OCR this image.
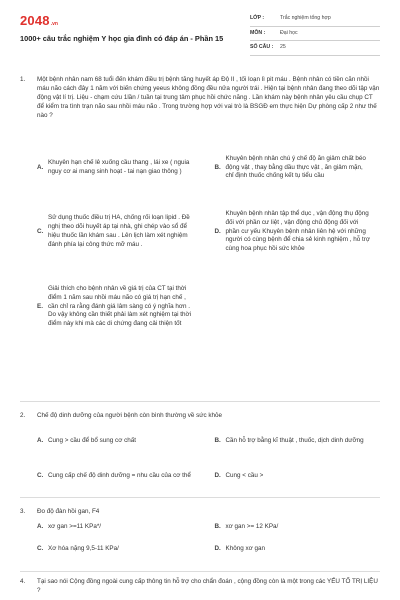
2048 .vn
1000+ câu trắc nghiệm Y học gia đình có đáp án - Phần 15
LỚP :	Trắc nghiệm tổng hợp
MÔN :	Đại học
SỐ CÂU :	25
1.	Một bệnh nhân nam 68 tuổi đến khám điều trị bệnh tăng huyết áp Độ II , tối loạn lì pit máu . Bệnh nhân có tiền căn nhồi máu não cách đây 1 năm với biến chứng yeeus không đồng đều nửa người trái . Hiện tại bệnh nhân đang theo dõi tập vận động vật lí trị. Liệu - chạm cứu 1lần / tuần tại trung tâm phục hồi chức năng . Lần khám này bệnh nhân yêu cầu chụp CT để kiểm tra tình trạn não sau nhồi máu não . Trong trường hợp với vai trò là BSGĐ em thực hiện Dự phòng cấp 2 như thế nào ?
A.
Khuyên hạn chế lê xuống cầu thang , lái xe ( nguia nguy cơ ai mang sinh hoạt - tai nạn giao thông )
B.
Khuyên bệnh nhân chú ý chế độ ăn giảm chất béo động vật , thay bằng dầu thực vật , ăn giảm mặn, chỉ định thuốc chống kết tụ tiểu cầu
C.
Sử dụng thuốc điều trị HA, chống rối loạn lipid . Đề nghị theo dõi huyết áp tại nhà, ghi chép vào sổ để hiệu thuốc lần khám sau . Lên lịch làm xét nghiệm đánh phía lại công thức mỡ máu .
D.
Khuyên bệnh nhân tập thể dục , vận động thụ động đối với phần cư liệt , vận động chủ động đối với phần cư yếu Khuyên bệnh nhân liên hệ với những người có cùng bệnh để chia sẻ kinh nghiệm , hỗ trợ cùng hoa phục hồi sức khỏe
E.
Giải thích cho bệnh nhân về giá trị của CT tại thời điểm 1 năm sau nhồi máu não có giá trị hạn chế , cần chỉ ra rằng đánh giá lâm sàng có ý nghĩa hơn . Do vậy không cần thiết phải làm xét nghiệm tại thời điểm này khi mà các di chứng đang cải thiện tốt
2.	Chế độ dinh dưỡng của người bệnh còn bình thường về sức khỏe
A. Cung > cầu để bổ sung cơ chất	B. Cần hỗ trợ bằng kĩ thuật , thuốc, dịch dinh dưỡng
C. Cung cấp chế độ dinh dưỡng = nhu cầu của cơ thể	D. Cung < cầu >
3.	Đo độ đàn hồi gan, F4
A. xơ gan >=11 KPa*/	B. xơ gan >= 12 KPa/
C. Xơ hóa nặng 9,5-11 KPa/	D. Không xơ gan
4.	Tại sao nói Cộng đồng ngoài cung cấp thông tin hỗ trợ cho chẩn đoán , cộng đồng còn là một trong các YẾU TỐ TRỊ LIỆU ?
